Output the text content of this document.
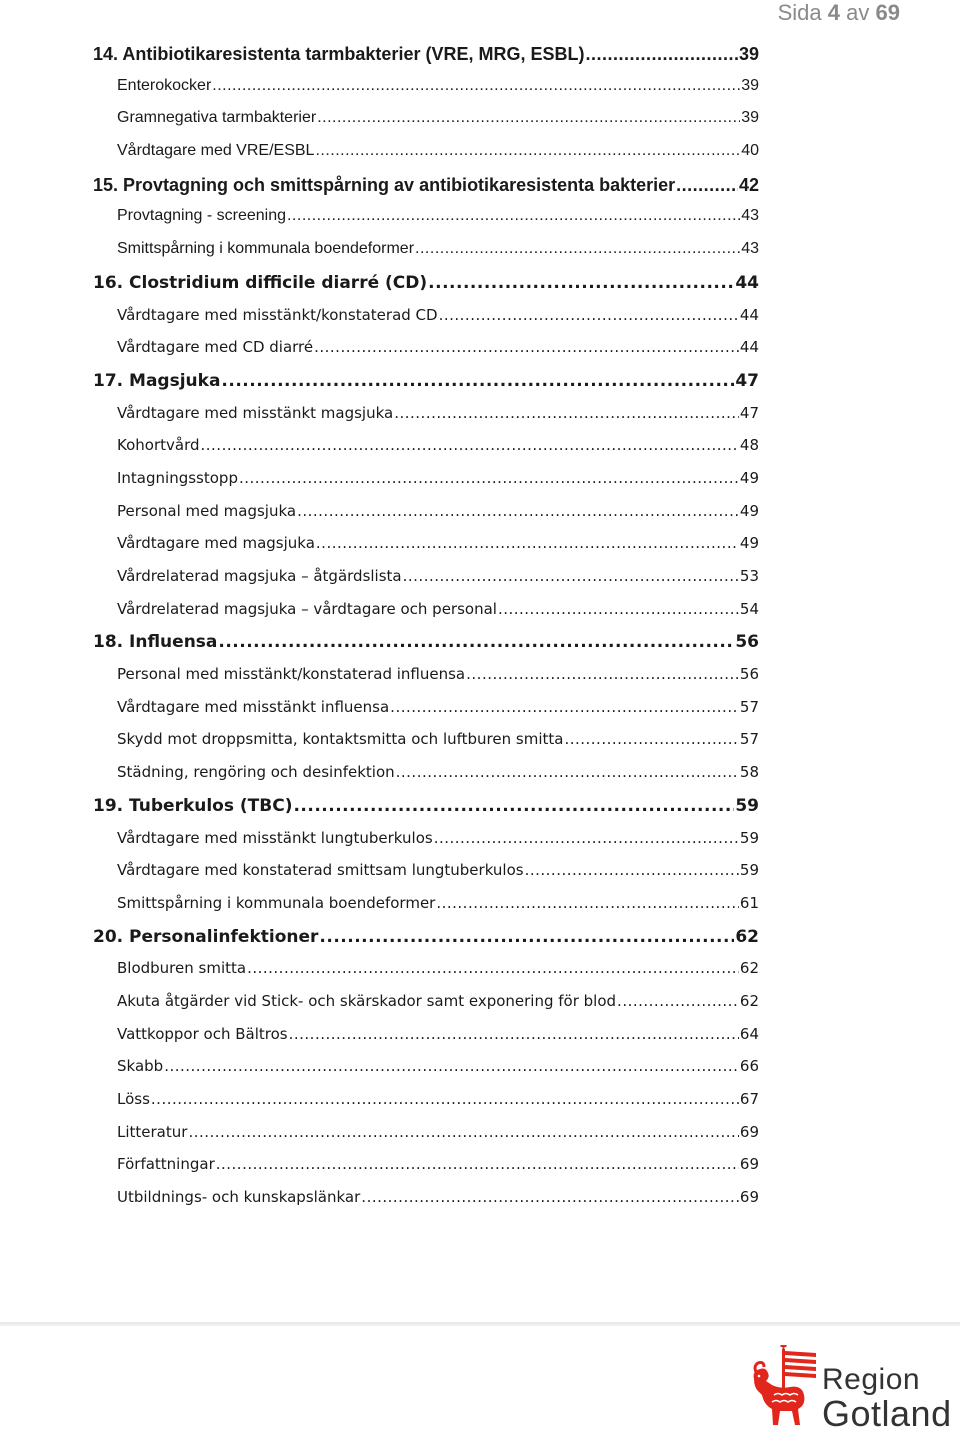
Sida 4 av 69
14. Antibiotikaresistenta tarmbakterier (VRE, MRG, ESBL) .....	39
Enterokocker .....	39
Gramnegativa tarmbakterier .....	39
Vårdtagare med VRE/ESBL .....	40
15. Provtagning och smittspårning av antibiotikaresistenta bakterier .....	42
Provtagning - screening .....	43
Smittspårning i kommunala boendeformer .....	43
16. Clostridium difficile diarré (CD) .....	44
Vårdtagare med misstänkt/konstaterad CD .....	44
Vårdtagare med CD diarré .....	44
17. Magsjuka .....	47
Vårdtagare med misstänkt magsjuka .....	47
Kohortvård .....	48
Intagningsstopp .....	49
Personal med magsjuka .....	49
Vårdtagare med magsjuka .....	49
Vårdrelaterad magsjuka – åtgärdslista .....	53
Vårdrelaterad magsjuka – vårdtagare och personal .....	54
18. Influensa .....	56
Personal med misstänkt/konstaterad influensa .....	56
Vårdtagare med misstänkt influensa .....	57
Skydd mot droppsmitta, kontaktsmitta och luftburen smitta .....	57
Städning, rengöring och desinfektion .....	58
19. Tuberkulos (TBC) .....	59
Vårdtagare med misstänkt lungtuberkulos .....	59
Vårdtagare med konstaterad smittsam lungtuberkulos .....	59
Smittspårning i kommunala boendeformer .....	61
20. Personalinfektioner .....	62
Blodburen smitta .....	62
Akuta åtgärder vid Stick- och skärskador samt exponering för blod .....	62
Vattkoppor och Bältros .....	64
Skabb .....	66
Löss .....	67
Litteratur .....	69
Författningar .....	69
Utbildnings- och kunskapslänkar .....	69
Region
Gotland
